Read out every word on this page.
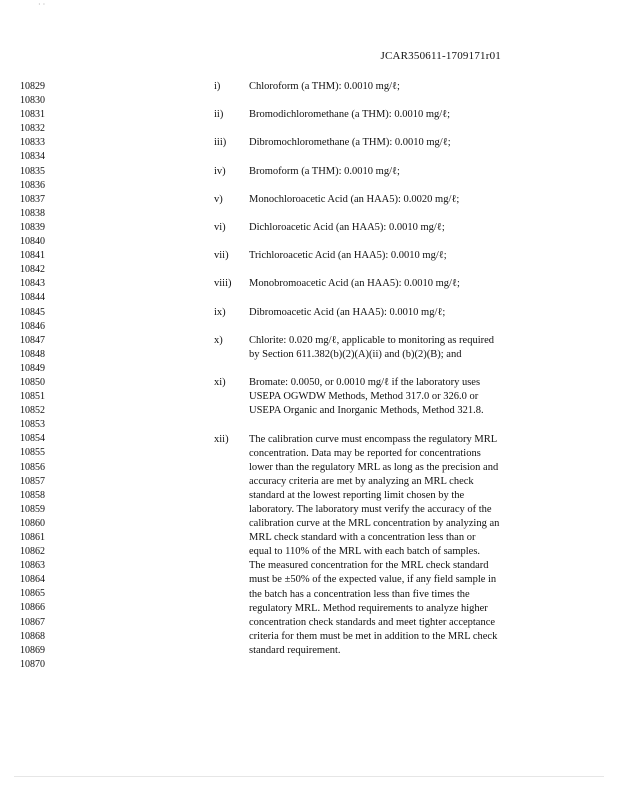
· ·
JCAR350611-1709171r01
10829
10830
10831
10832
10833
10834
10835
10836
10837
10838
10839
10840
10841
10842
10843
10844
10845
10846
10847
10848
10849
10850
10851
10852
10853
10854
10855
10856
10857
10858
10859
10860
10861
10862
10863
10864
10865
10866
10867
10868
10869
10870
i)	Chloroform (a THM): 0.0010 mg/ℓ;
ii)	Bromodichloromethane (a THM): 0.0010 mg/ℓ;
iii)	Dibromochloromethane (a THM): 0.0010 mg/ℓ;
iv)	Bromoform (a THM): 0.0010 mg/ℓ;
v)	Monochloroacetic Acid (an HAA5): 0.0020 mg/ℓ;
vi)	Dichloroacetic Acid (an HAA5): 0.0010 mg/ℓ;
vii)	Trichloroacetic Acid (an HAA5): 0.0010 mg/ℓ;
viii)	Monobromoacetic Acid (an HAA5): 0.0010 mg/ℓ;
ix)	Dibromoacetic Acid (an HAA5): 0.0010 mg/ℓ;
x)	Chlorite: 0.020 mg/ℓ, applicable to monitoring as required
by Section 611.382(b)(2)(A)(ii) and (b)(2)(B); and
xi)	Bromate: 0.0050, or 0.0010 mg/ℓ if the laboratory uses
USEPA OGWDW Methods, Method 317.0 or 326.0 or
USEPA Organic and Inorganic Methods, Method 321.8.
xii)	The calibration curve must encompass the regulatory MRL
concentration. Data may be reported for concentrations
lower than the regulatory MRL as long as the precision and
accuracy criteria are met by analyzing an MRL check
standard at the lowest reporting limit chosen by the
laboratory. The laboratory must verify the accuracy of the
calibration curve at the MRL concentration by analyzing an
MRL check standard with a concentration less than or
equal to 110% of the MRL with each batch of samples.
The measured concentration for the MRL check standard
must be ±50% of the expected value, if any field sample in
the batch has a concentration less than five times the
regulatory MRL. Method requirements to analyze higher
concentration check standards and meet tighter acceptance
criteria for them must be met in addition to the MRL check
standard requirement.
